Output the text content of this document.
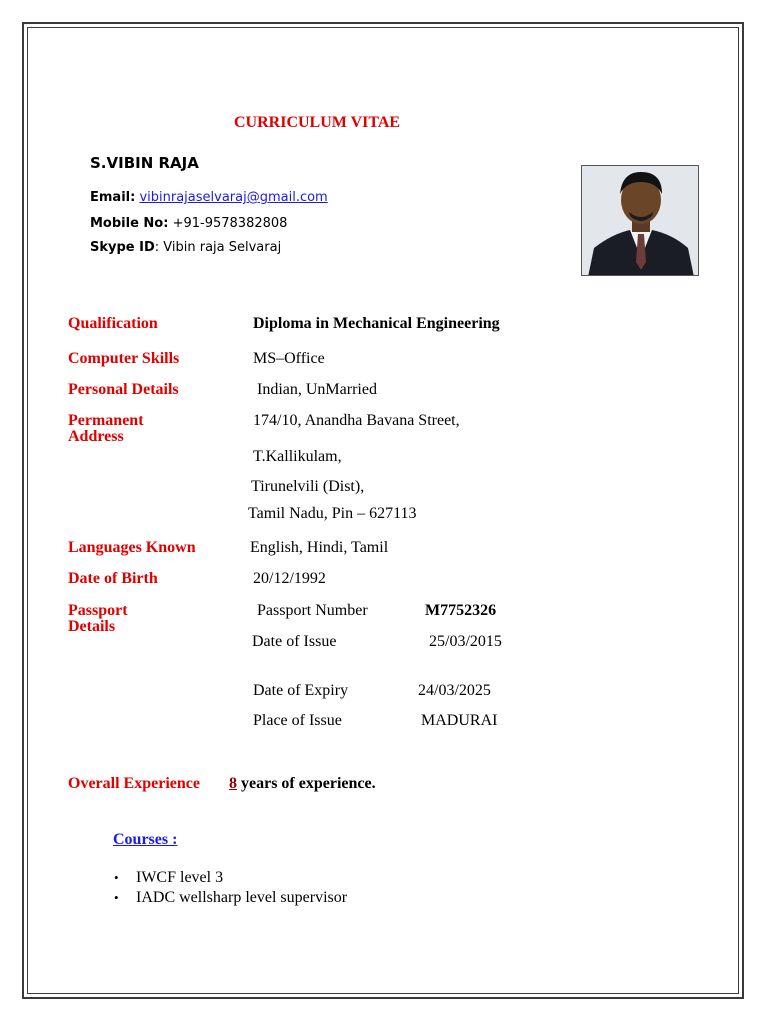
CURRICULUM VITAE
S.VIBIN RAJA
Email: vibinrajaselvaraj@gmail.com
Mobile No: +91-9578382808
Skype ID: Vibin raja Selvaraj
Qualification	Diploma in Mechanical Engineering
Computer Skills	MS–Office
Personal Details	Indian, UnMarried
Permanent
Address
174/10, Anandha Bavana Street,
T.Kallikulam,
Tirunelvili (Dist),
Tamil Nadu, Pin – 627113
Languages Known	English, Hindi, Tamil
Date of Birth	20/12/1992
Passport
Details
Passport Number	M7752326
Date of Issue	25/03/2015
Date of Expiry	24/03/2025
Place of Issue	MADURAI
Overall Experience 8 years of experience.
Courses :
• IWCF level 3
• IADC wellsharp level supervisor
